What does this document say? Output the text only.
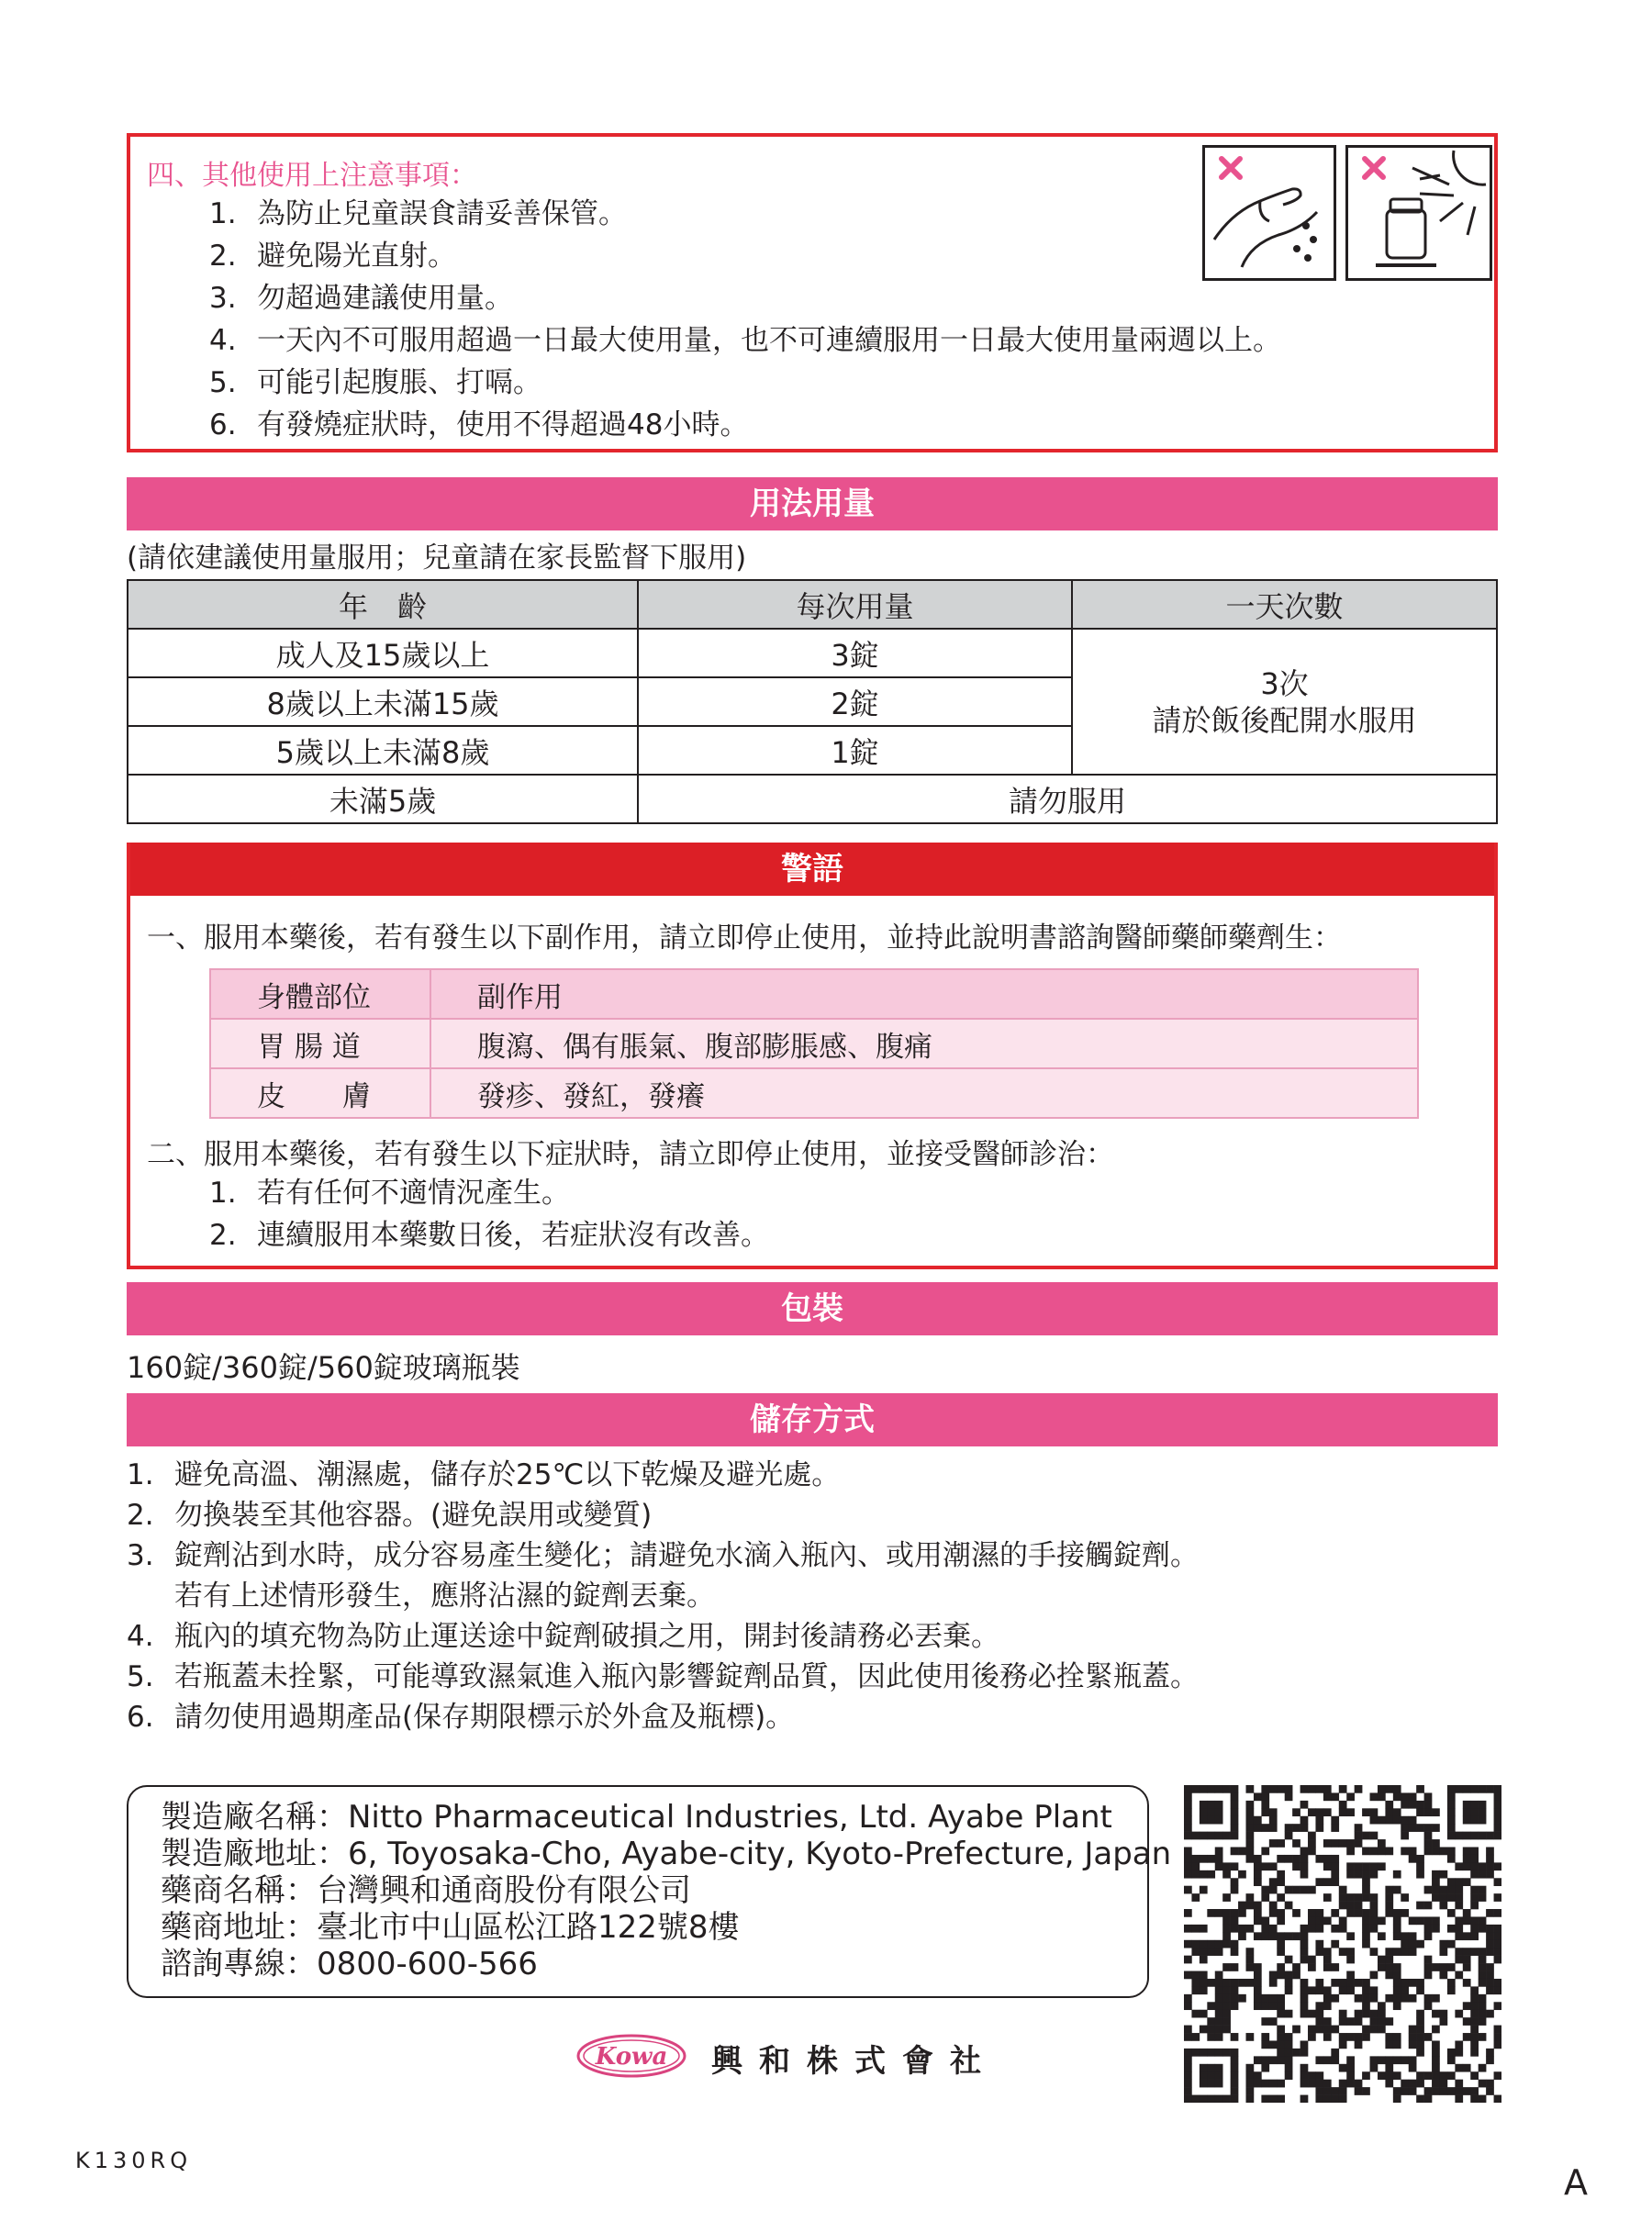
四、其他使用上注意事項：
1. 為防止兒童誤食請妥善保管。
2. 避免陽光直射。
3. 勿超過建議使用量。
4. 一天內不可服用超過一日最大使用量，也不可連續服用一日最大使用量兩週以上。
5. 可能引起腹脹、打嗝。
6. 有發燒症狀時，使用不得超過48小時。
用法用量
(請依建議使用量服用；兒童請在家長監督下服用)
年　齡	每次用量	一天次數
成人及15歲以上	3錠	3次
請於飯後配開水服用

8歲以上未滿15歲	2錠	
5歲以上未滿8歲	1錠	
未滿5歲	請勿服用	
警語
一、服用本藥後，若有發生以下副作用，請立即停止使用，並持此說明書諮詢醫師藥師藥劑生：
身體部位	副作用
胃 腸 道	腹瀉、偶有脹氣、腹部膨脹感、腹痛
皮　　膚	發疹、發紅，發癢
二、服用本藥後，若有發生以下症狀時，請立即停止使用，並接受醫師診治：
1. 若有任何不適情況產生。
2. 連續服用本藥數日後，若症狀沒有改善。
包裝
160錠/360錠/560錠玻璃瓶裝
儲存方式
1. 避免高溫、潮濕處，儲存於25℃以下乾燥及避光處。
2. 勿換裝至其他容器。(避免誤用或變質)
3. 錠劑沾到水時，成分容易產生變化；請避免水滴入瓶內、或用潮濕的手接觸錠劑。
若有上述情形發生，應將沾濕的錠劑丟棄。
4. 瓶內的填充物為防止運送途中錠劑破損之用，開封後請務必丟棄。
5. 若瓶蓋未拴緊，可能導致濕氣進入瓶內影響錠劑品質，因此使用後務必拴緊瓶蓋。
6. 請勿使用過期產品(保存期限標示於外盒及瓶標)。
製造廠名稱：Nitto Pharmaceutical Industries, Ltd. Ayabe Plant
製造廠地址：6, Toyosaka-Cho, Ayabe-city, Kyoto-Prefecture, Japan
藥商名稱：台灣興和通商股份有限公司
藥商地址：臺北市中山區松江路122號8樓
諮詢專線：0800-600-566
Kowa 興和株式會社
K130RQ
A
